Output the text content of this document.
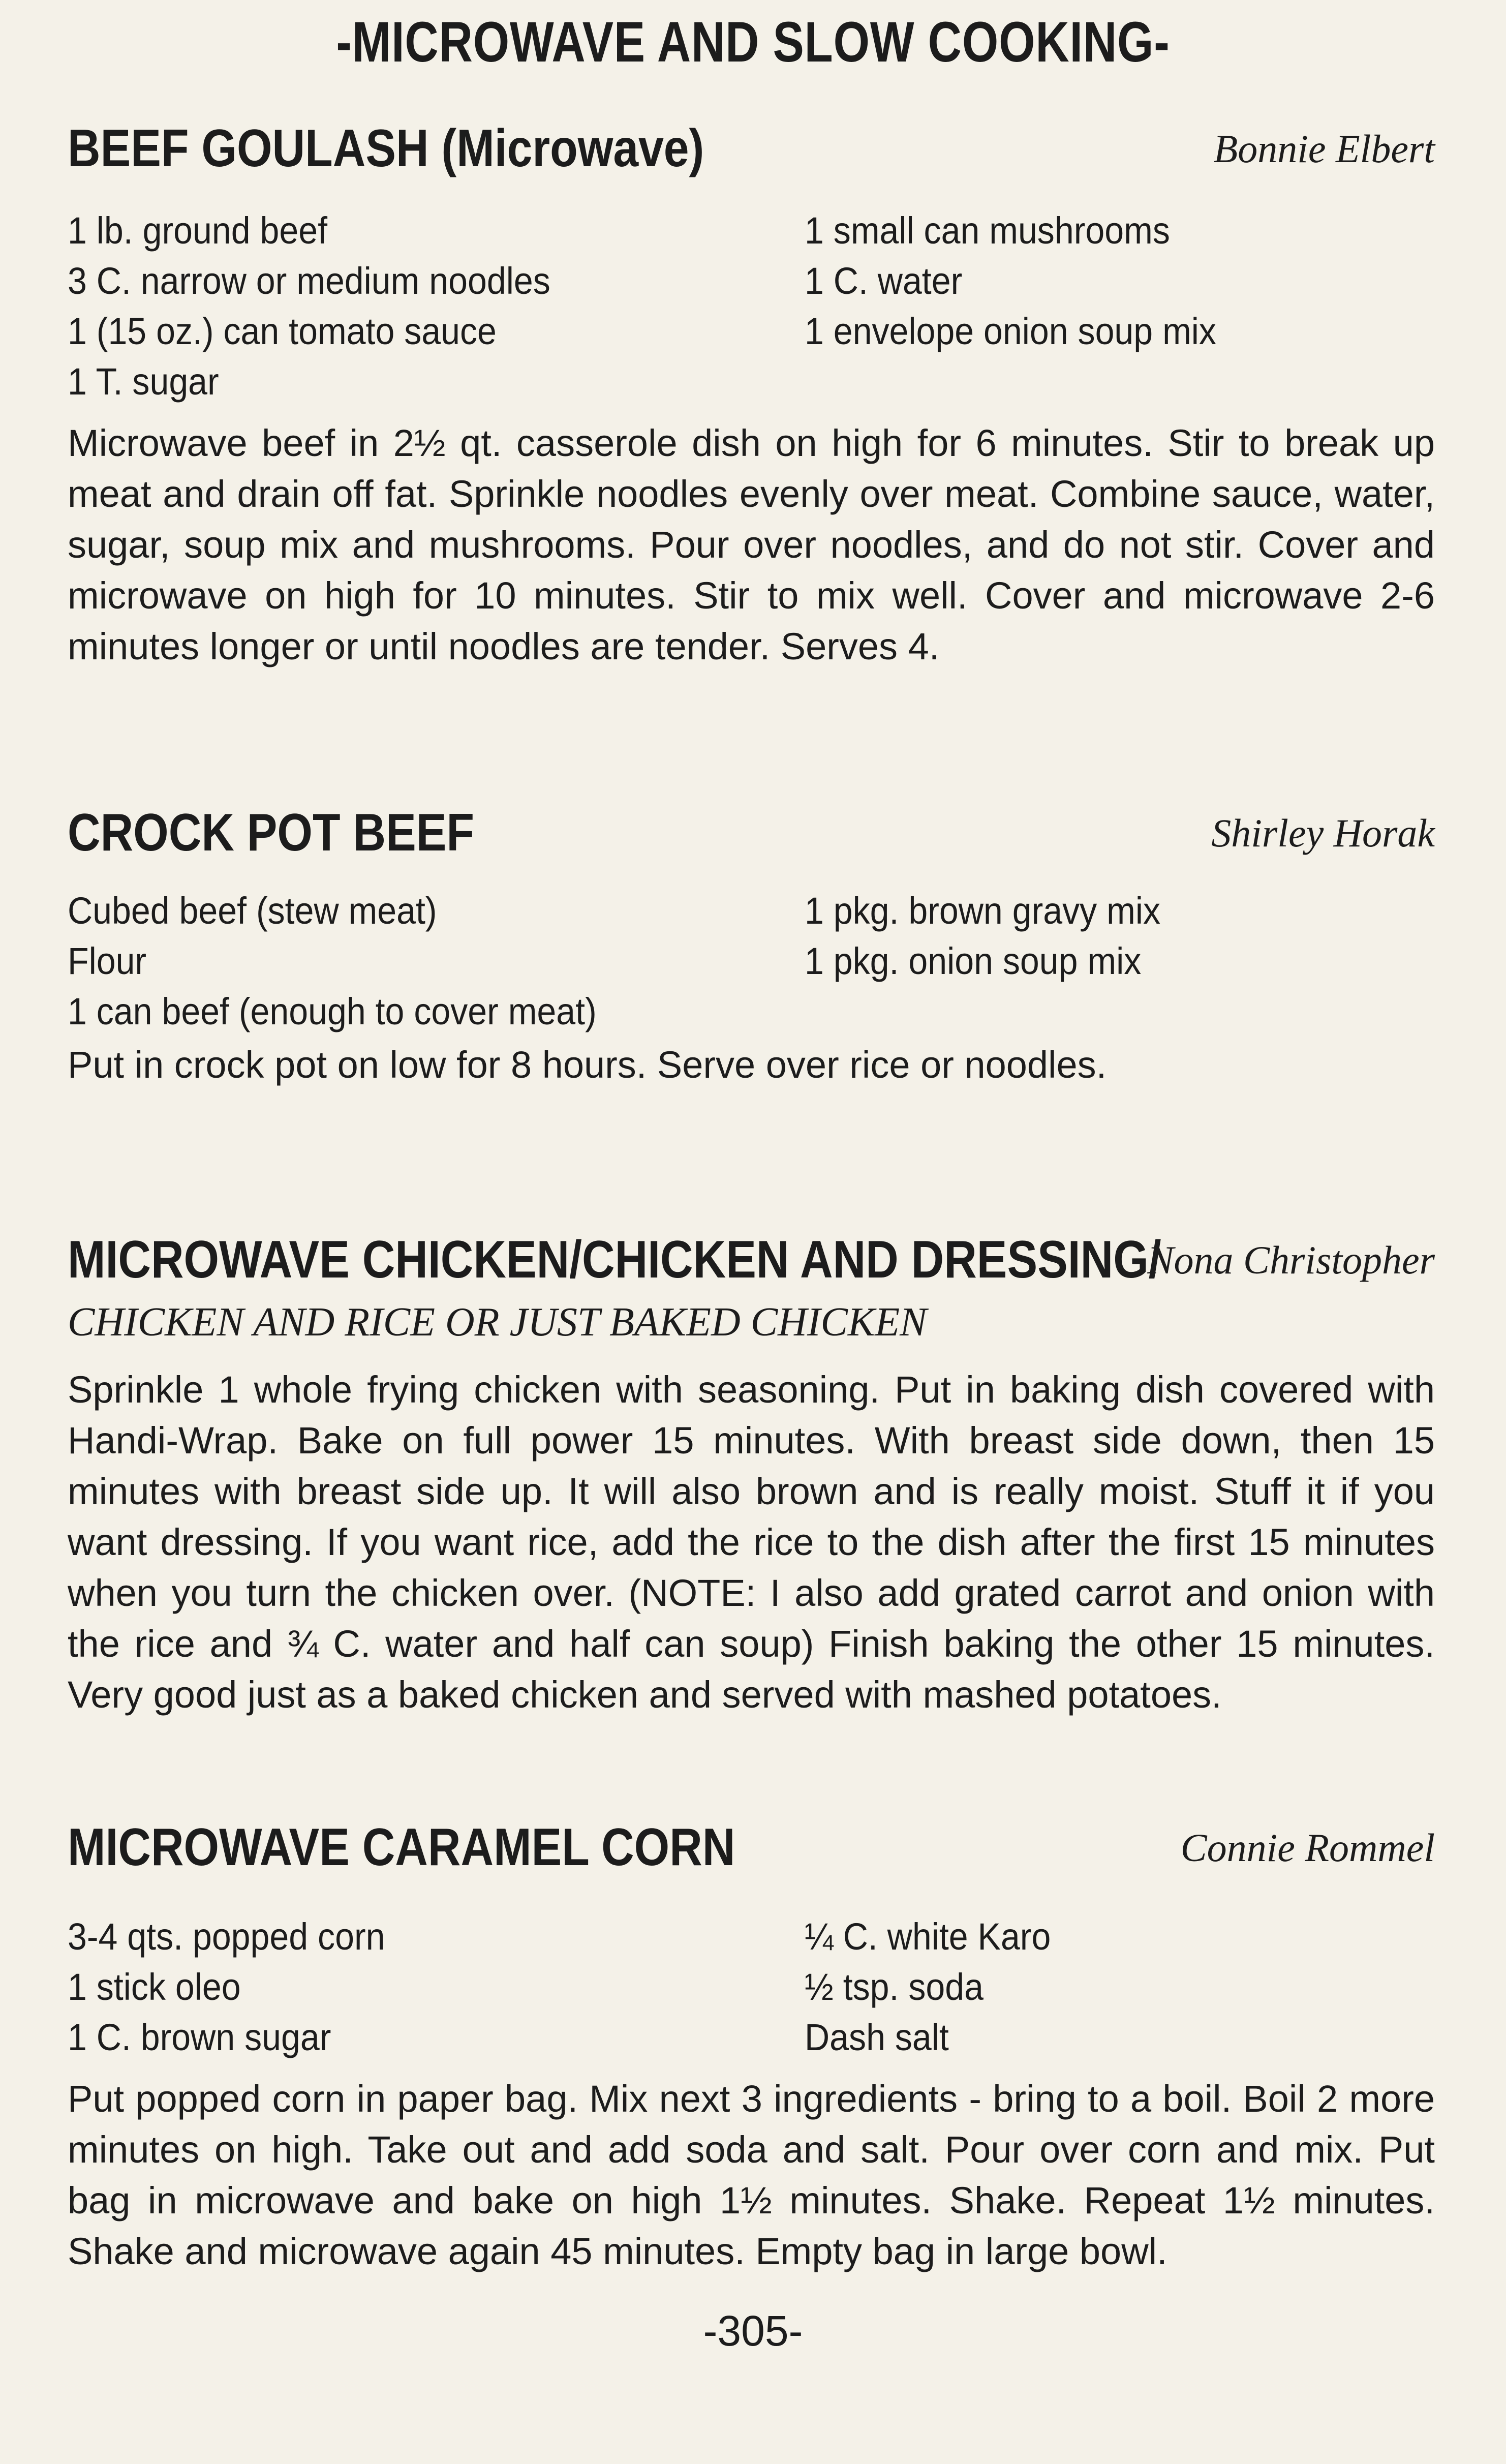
-MICROWAVE AND SLOW COOKING-
BEEF GOULASH (Microwave)	Bonnie Elbert
1 lb. ground beef	1 small can mushrooms
3 C. narrow or medium noodles	1 C. water
1 (15 oz.) can tomato sauce	1 envelope onion soup mix
1 T. sugar
Microwave beef in 2½ qt. casserole dish on high for 6 minutes. Stir to break up meat and drain off fat. Sprinkle noodles evenly over meat. Combine sauce, water, sugar, soup mix and mushrooms. Pour over noodles, and do not stir. Cover and microwave on high for 10 minutes. Stir to mix well. Cover and microwave 2-6 minutes longer or until noodles are tender. Serves 4.
CROCK POT BEEF	Shirley Horak
Cubed beef (stew meat)	1 pkg. brown gravy mix
Flour	1 pkg. onion soup mix
1 can beef (enough to cover meat)
Put in crock pot on low for 8 hours. Serve over rice or noodles.
MICROWAVE CHICKEN/CHICKEN AND DRESSING/
Nona Christopher
CHICKEN AND RICE OR JUST BAKED CHICKEN
Sprinkle 1 whole frying chicken with seasoning. Put in baking dish covered with Handi-Wrap. Bake on full power 15 minutes. With breast side down, then 15 minutes with breast side up. It will also brown and is really moist. Stuff it if you want dressing. If you want rice, add the rice to the dish after the first 15 minutes when you turn the chicken over. (NOTE: I also add grated carrot and onion with the rice and ¾ C. water and half can soup) Finish baking the other 15 minutes. Very good just as a baked chicken and served with mashed potatoes.
MICROWAVE CARAMEL CORN	Connie Rommel
3-4 qts. popped corn	¼ C. white Karo
1 stick oleo	½ tsp. soda
1 C. brown sugar	Dash salt
Put popped corn in paper bag. Mix next 3 ingredients - bring to a boil. Boil 2 more minutes on high. Take out and add soda and salt. Pour over corn and mix. Put bag in microwave and bake on high 1½ minutes. Shake. Repeat 1½ minutes. Shake and microwave again 45 minutes. Empty bag in large bowl.
-305-
